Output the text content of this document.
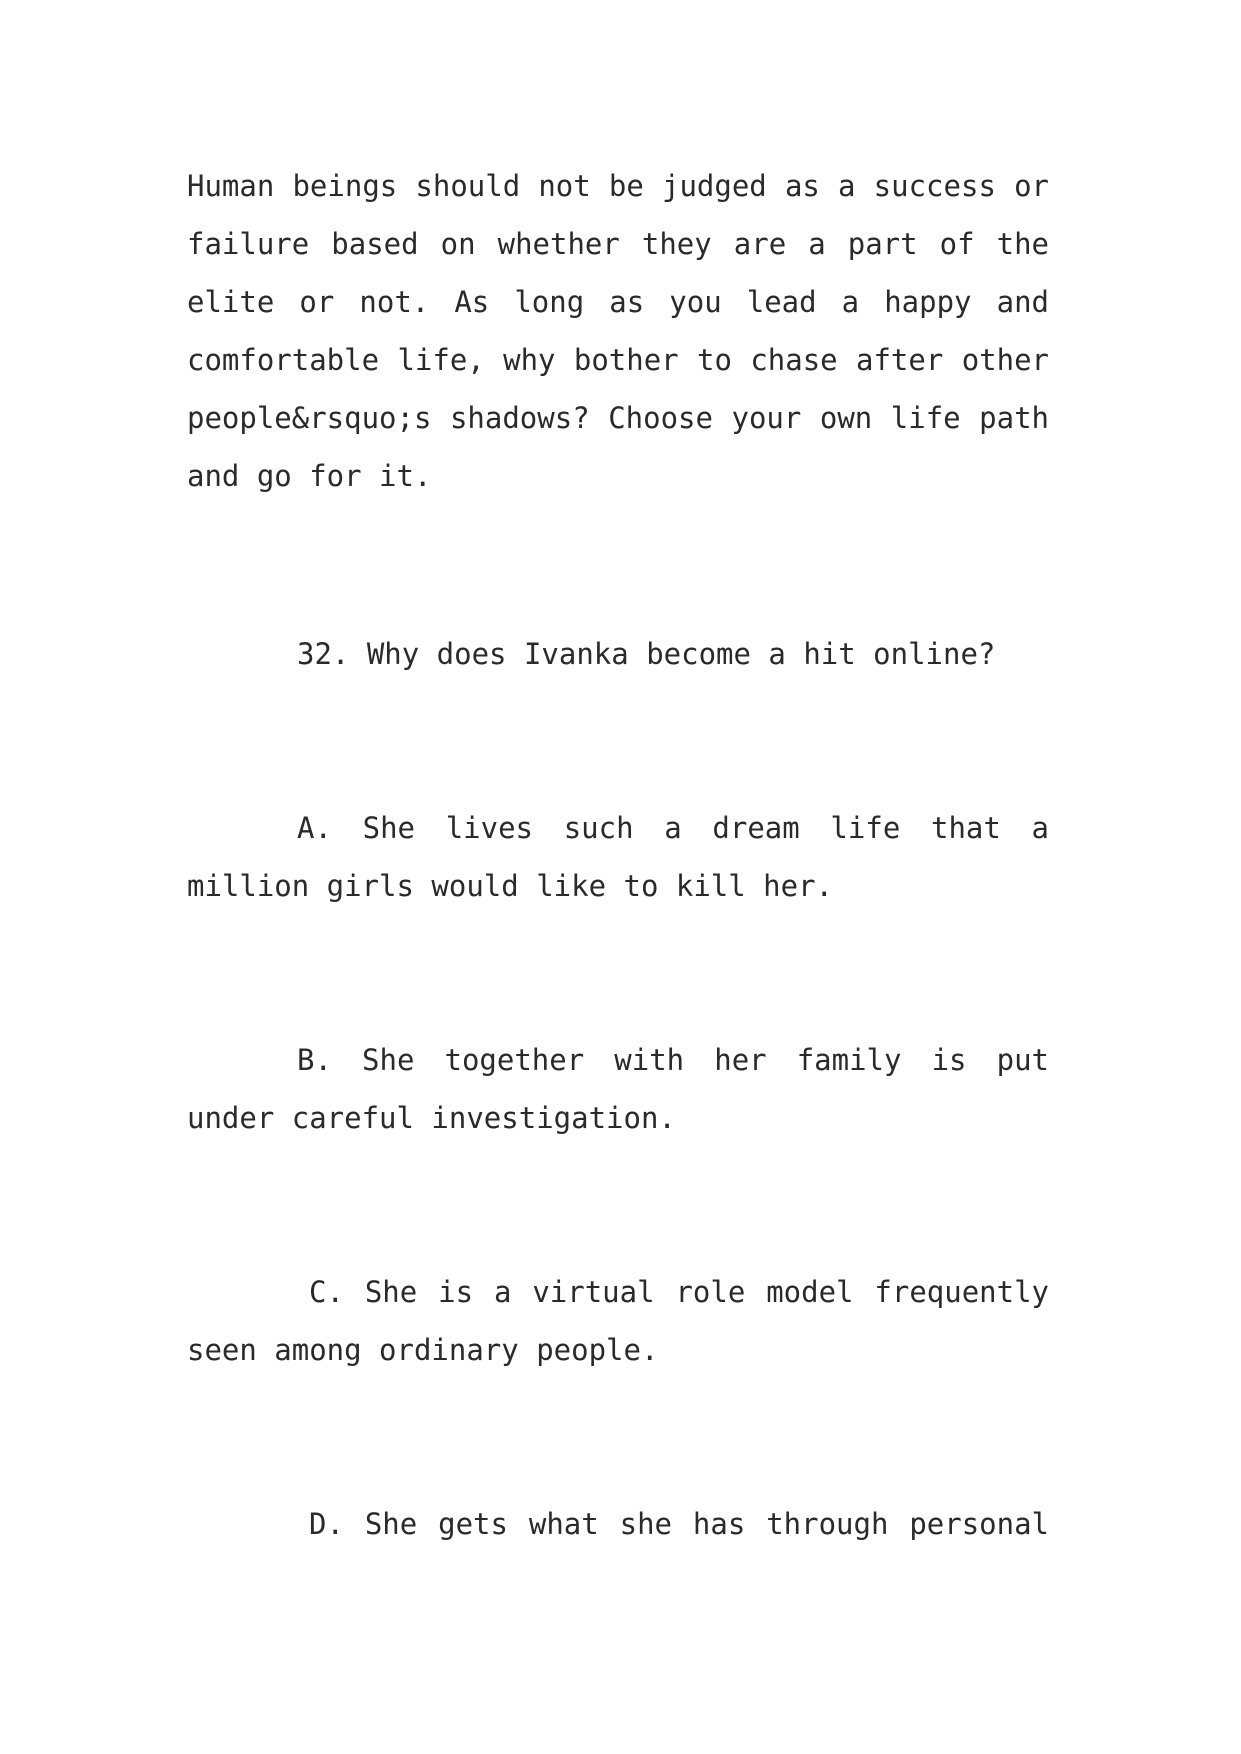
Human beings should not be judged as a success or failure based on whether they are a part of the elite or not. As long as you lead a happy and comfortable life, why bother to chase after other people&rsquo;s shadows? Choose your own life path and go for it.

32. Why does Ivanka become a hit online?

A. She lives such a dream life that a million girls would like to kill her.

B. She together with her family is put under careful investigation.

C. She is a virtual role model frequently seen among ordinary people.

D. She gets what she has through personal
